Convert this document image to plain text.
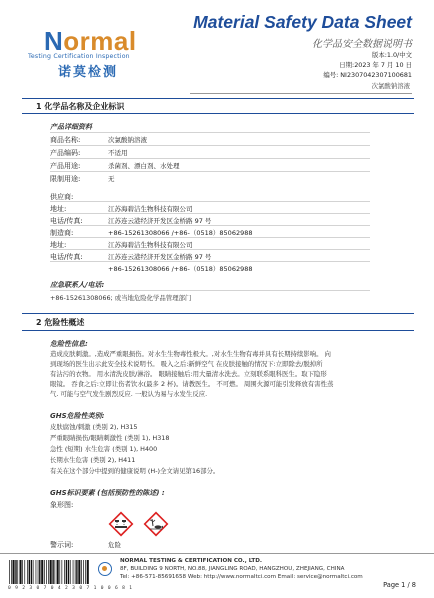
Normal
Testing Certification Inspection
诺莫检测
Material Safety Data Sheet
化学品安全数据说明书
版本:1.0/中文
日期:2023 年 7 月 10 日
编号: NI2307042307100681
次氯酸钠溶液
1 化学品名称及企业标识
产品详细资料
商品名称:	次氯酸钠溶液
产品编码:	不适用
产品用途:	杀菌剂、漂白剂、水处理
限制用途:	无
供应商:
江苏海碧洁生物科技有限公司
地址:
江苏连云港经济开发区金桥路 97 号
电话/传真:
+86-15261308066 /+86-（0518）85062988
制造商:
江苏海碧洁生物科技有限公司
地址:
江苏连云港经济开发区金桥路 97 号
电话/传真:
+86-15261308066 /+86-（0518）85062988
应急联系人/电话:
+86-15261308066; 或当地危险化学品管理部门
2 危险性概述
危险性信息:
造成皮肤刺激。,造成严重眼损伤。对水生生物毒性极大。,对水生生物有毒并具有长期持续影响。 向
到现场的医生出示此安全技术说明书。 吸入之后:新鲜空气 在皮肤接触的情况下:立即除去/脱掉所
有沾污的衣物。 用水清洗皮肤/淋浴。 眼睛接触后:用大量清水洗去。立刻联系眼科医生。取下隐形
眼镜。 吞食之后:立即让伤者饮水(最多 2 杯)。请教医生。 不可燃。 周围火源可能引发释放有害性蒸
气. 可能与空气发生剧烈反应. 一般认为易与水发生反应.
GHS危险性类别:
皮肤腐蚀/刺激 (类别 2), H315
严重眼睛损伤/眼睛刺激性 (类别 1), H318
急性 (短期) 水生危害 (类别 1), H400
长期水生危害 (类别 2), H411
有关在这个部分中提到的健康说明 (H-)全文请见第16部分。
GHS标识要素 (包括预防性的陈述) :
象形图:

警示词:	危险
0 9 2 3 0 7 0 4 2 3 0 7 1 0 0 6 8 1
NORMAL TESTING & CERTIFICATION CO., LTD.
8F, BUILDING 9 NORTH, NO.88, JIANGLING ROAD, HANGZHOU, ZHEJIANG, CHINA
Tel: +86-571-85691658 Web: http://www.normaltci.com Email: service@normaltci.com
Page 1 / 8
